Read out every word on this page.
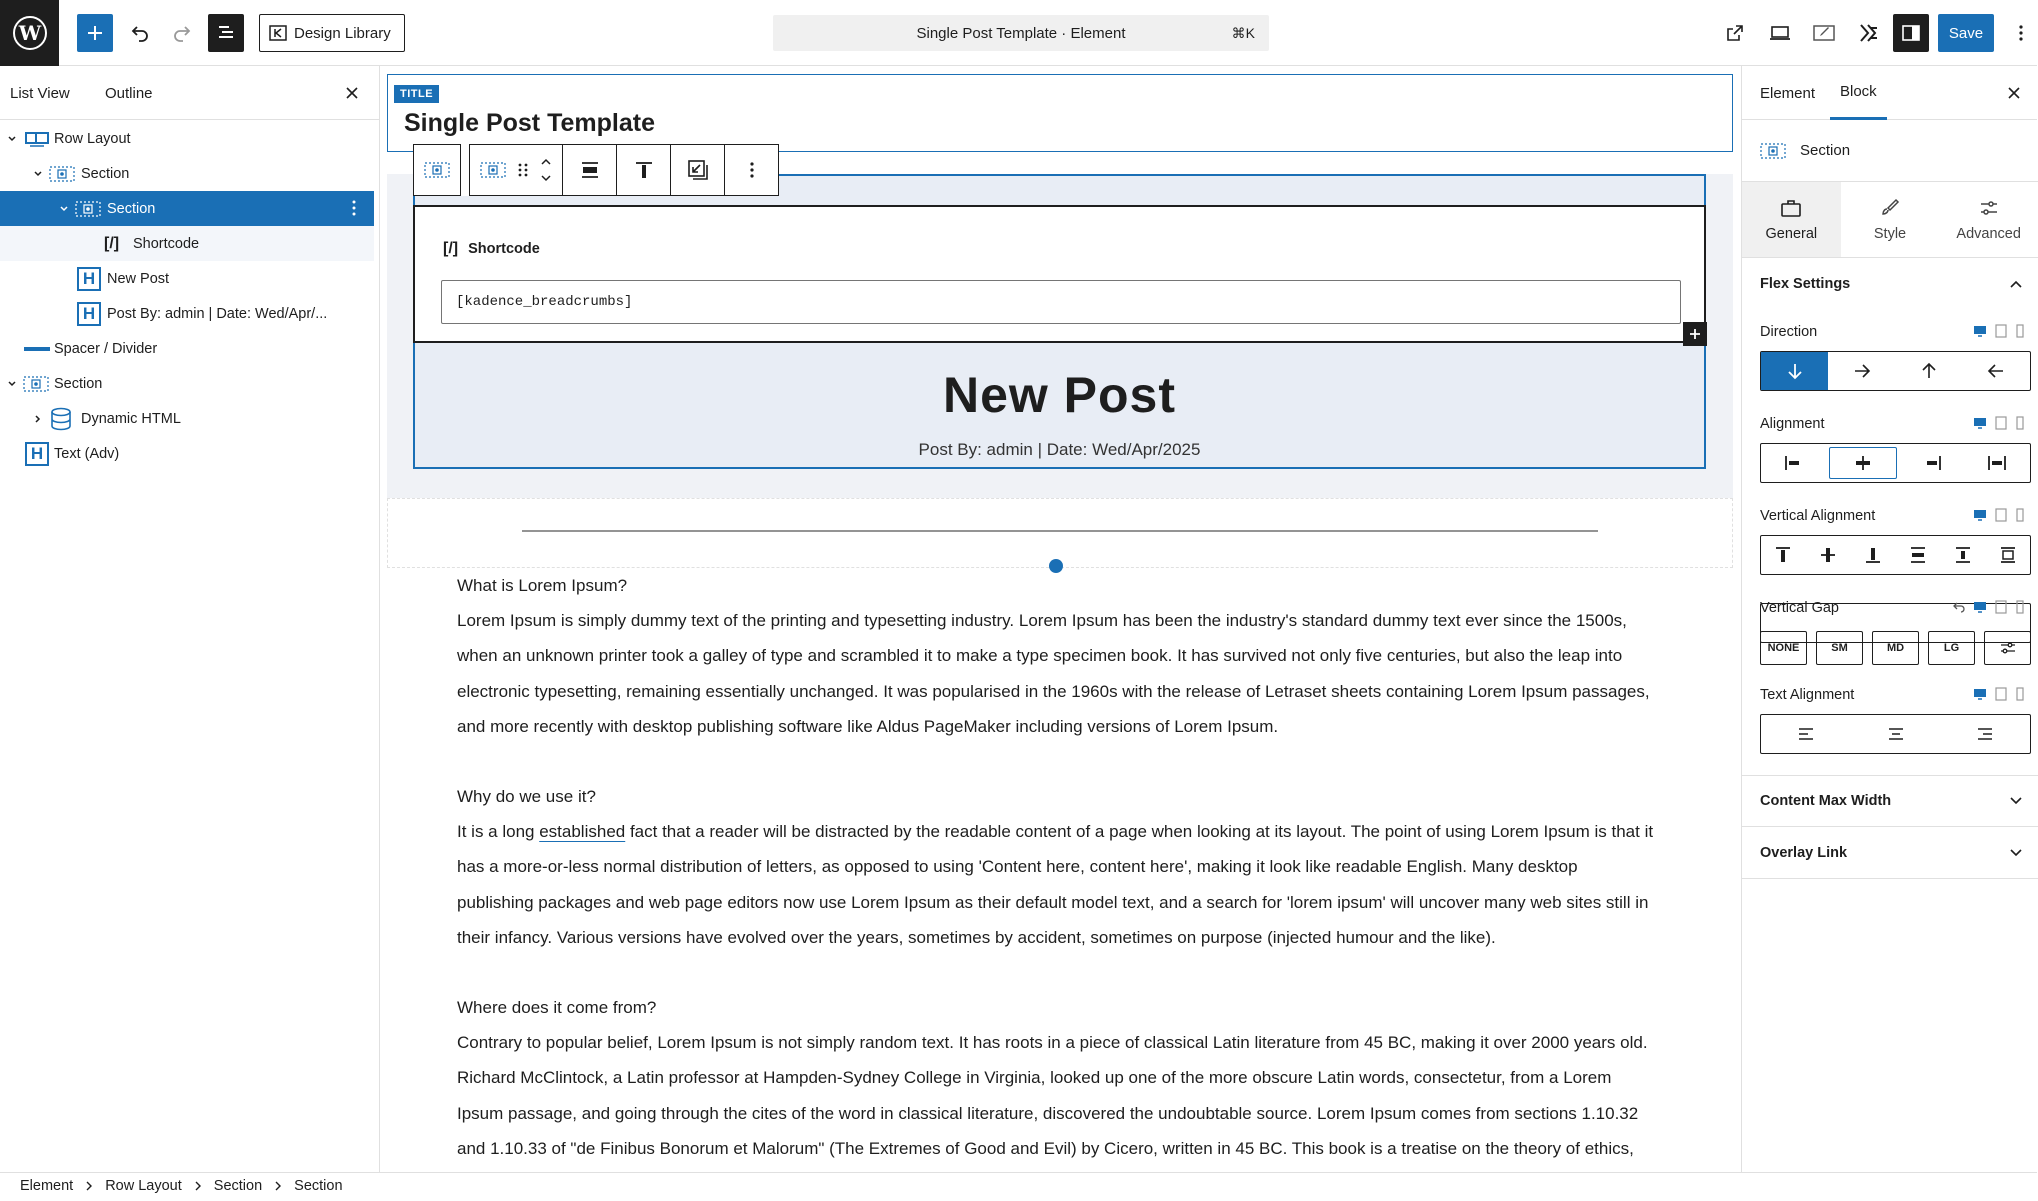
W	Design Library	Single Post Template · Element	⌘K	Save
List View Outline
Row Layout
Section
Section
[/] Shortcode
H New Post
H Post By: admin | Date: Wed/Apr/...
Spacer / Divider
Section
Dynamic HTML
H Text (Adv)
TITLE
Single Post Template
[/] Shortcode
[kadence_breadcrumbs]
New Post
Post By: admin | Date: Wed/Apr/2025

What is Lorem Ipsum?

Lorem Ipsum is simply dummy text of the printing and typesetting industry. Lorem Ipsum has been the industry's standard dummy text ever since the 1500s, when an unknown printer took a galley of type and scrambled it to make a type specimen book. It has survived not only five centuries, but also the leap into electronic typesetting, remaining essentially unchanged. It was popularised in the 1960s with the release of Letraset sheets containing Lorem Ipsum passages, and more recently with desktop publishing software like Aldus PageMaker including versions of Lorem Ipsum.

Why do we use it?

It is a long established fact that a reader will be distracted by the readable content of a page when looking at its layout. The point of using Lorem Ipsum is that it has a more-or-less normal distribution of letters, as opposed to using 'Content here, content here', making it look like readable English. Many desktop publishing packages and web page editors now use Lorem Ipsum as their default model text, and a search for 'lorem ipsum' will uncover many web sites still in their infancy. Various versions have evolved over the years, sometimes by accident, sometimes on purpose (injected humour and the like).

Where does it come from?

Contrary to popular belief, Lorem Ipsum is not simply random text. It has roots in a piece of classical Latin literature from 45 BC, making it over 2000 years old. Richard McClintock, a Latin professor at Hampden-Sydney College in Virginia, looked up one of the more obscure Latin words, consectetur, from a Lorem Ipsum passage, and going through the cites of the word in classical literature, discovered the undoubtable source. Lorem Ipsum comes from sections 1.10.32 and 1.10.33 of "de Finibus Bonorum et Malorum" (The Extremes of Good and Evil) by Cicero, written in 45 BC. This book is a treatise on the theory of ethics,

Element	Block
Section
General	Style	Advanced
Flex Settings
Direction
Alignment
Vertical Alignment
Vertical Gap
NONE	SM	MD	LG
Text Alignment
Content Max Width
Overlay Link
Element Row Layout Section Section
